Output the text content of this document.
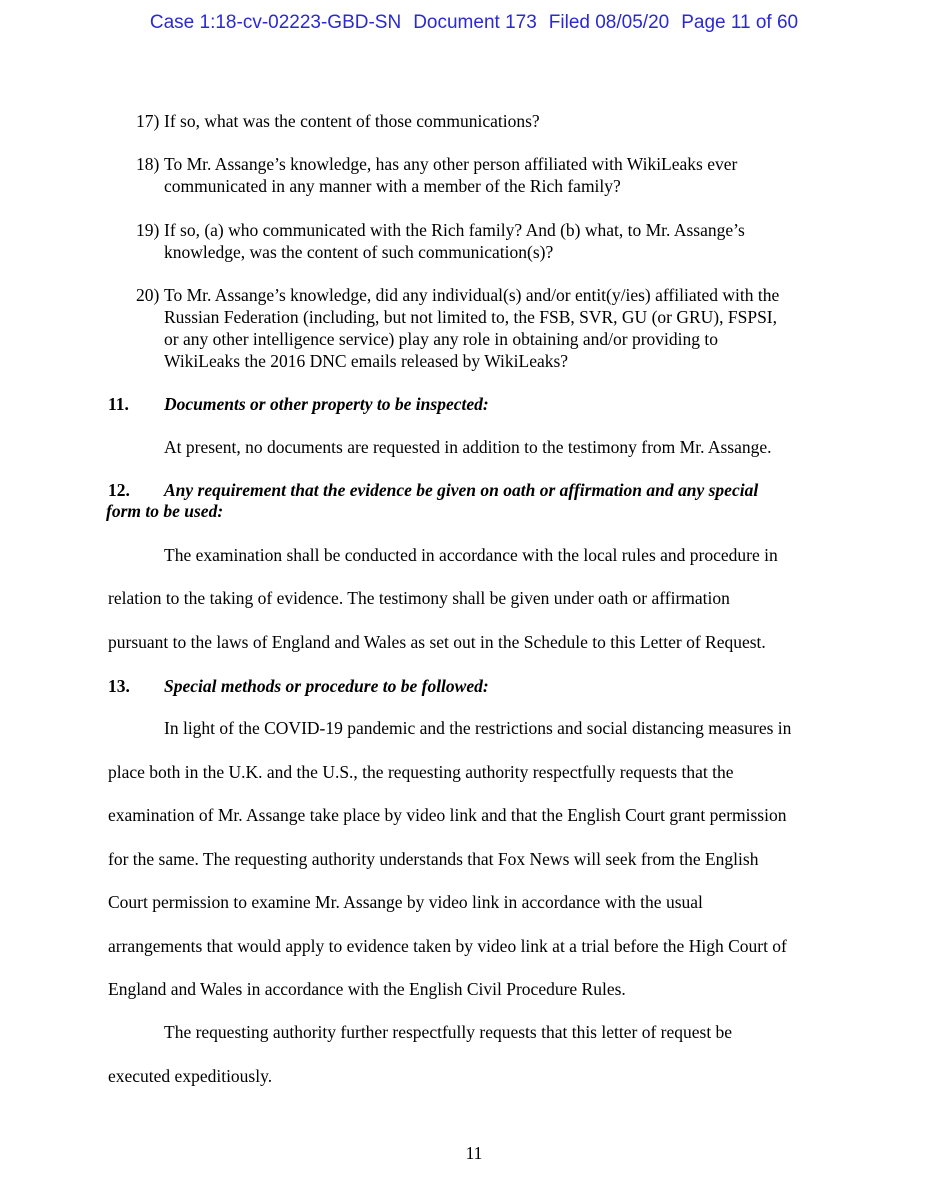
Case 1:18-cv-02223-GBD-SN Document 173 Filed 08/05/20 Page 11 of 60
17) If so, what was the content of those communications?
18) To Mr. Assange’s knowledge, has any other person affiliated with WikiLeaks ever
communicated in any manner with a member of the Rich family?
19) If so, (a) who communicated with the Rich family? And (b) what, to Mr. Assange’s
knowledge, was the content of such communication(s)?
20) To Mr. Assange’s knowledge, did any individual(s) and/or entit(y/ies) affiliated with the
Russian Federation (including, but not limited to, the FSB, SVR, GU (or GRU), FSPSI,
or any other intelligence service) play any role in obtaining and/or providing to
WikiLeaks the 2016 DNC emails released by WikiLeaks?
11. Documents or other property to be inspected:
At present, no documents are requested in addition to the testimony from Mr. Assange.
12. Any requirement that the evidence be given on oath or affirmation and any special
form to be used:
The examination shall be conducted in accordance with the local rules and procedure in
relation to the taking of evidence. The testimony shall be given under oath or affirmation
pursuant to the laws of England and Wales as set out in the Schedule to this Letter of Request.
13. Special methods or procedure to be followed:
In light of the COVID-19 pandemic and the restrictions and social distancing measures in
place both in the U.K. and the U.S., the requesting authority respectfully requests that the
examination of Mr. Assange take place by video link and that the English Court grant permission
for the same. The requesting authority understands that Fox News will seek from the English
Court permission to examine Mr. Assange by video link in accordance with the usual
arrangements that would apply to evidence taken by video link at a trial before the High Court of
England and Wales in accordance with the English Civil Procedure Rules.
The requesting authority further respectfully requests that this letter of request be
executed expeditiously.
11
